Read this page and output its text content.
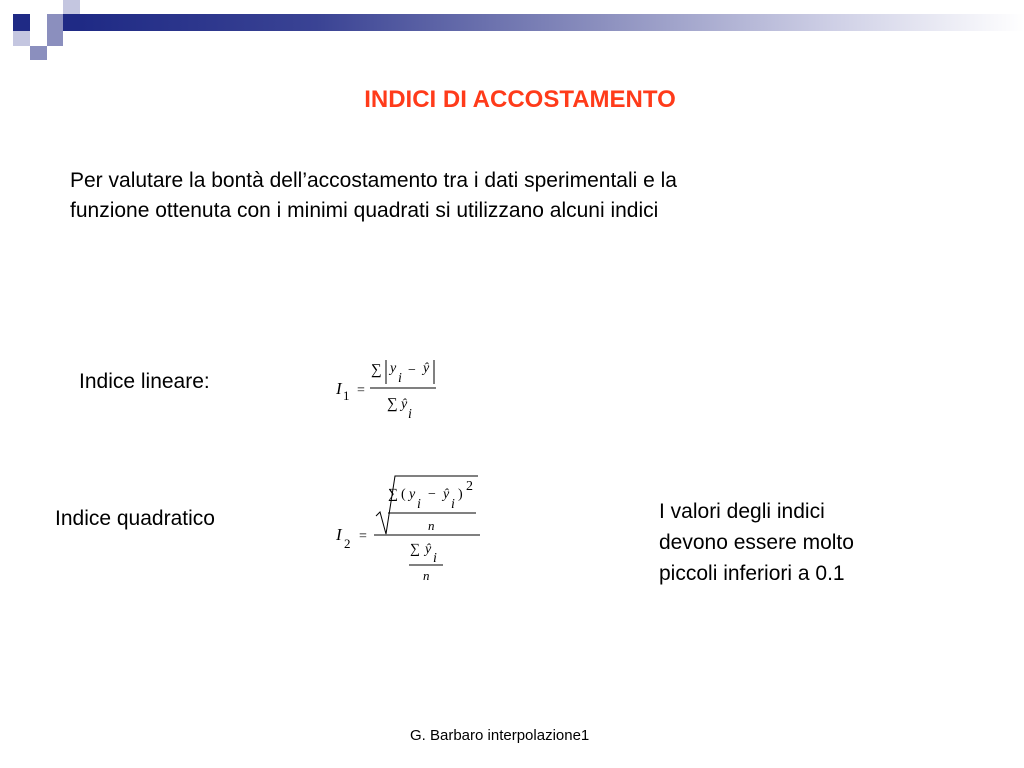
INDICI DI ACCOSTAMENTO
Per valutare la bontà dell’accostamento tra i dati sperimentali e la
funzione ottenuta con i minimi quadrati si utilizzano alcuni indici
Indice lineare:
Indice quadratico
I 1 =
∑ y
i
− ŷ
∑ ŷ
i
I 2 =
∑ ( y
i
− ŷ
i
)
2
n
∑ ŷ
i
n
I valori degli indici
devono essere molto
piccoli inferiori a 0.1
G. Barbaro interpolazione1
